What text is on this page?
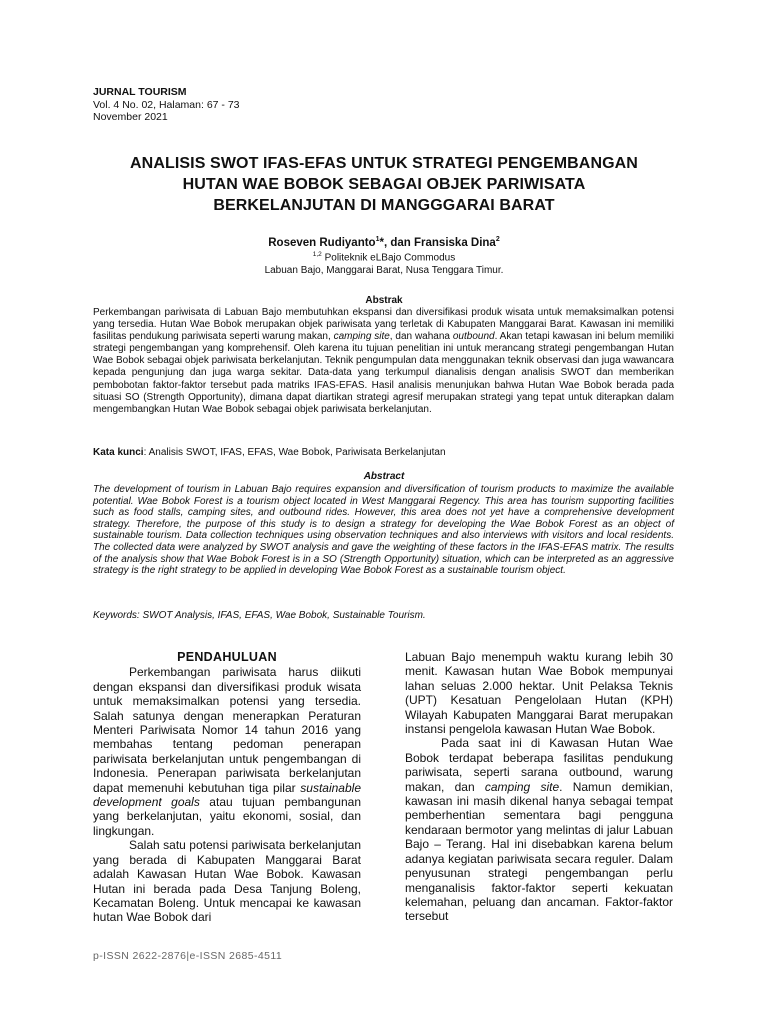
JURNAL TOURISM
Vol. 4 No. 02, Halaman: 67 - 73
November 2021
ANALISIS SWOT IFAS-EFAS UNTUK STRATEGI PENGEMBANGAN
HUTAN WAE BOBOK SEBAGAI OBJEK PARIWISATA
BERKELANJUTAN DI MANGGGARAI BARAT
Roseven Rudiyanto$^1$*, dan Fransiska Dina$^2$
$^{1,2}$ Politeknik eLBajo Commodus
Labuan Bajo, Manggarai Barat, Nusa Tenggara Timur.
Abstrak
Perkembangan pariwisata di Labuan Bajo membutuhkan ekspansi dan diversifikasi produk wisata untuk memaksimalkan potensi yang tersedia. Hutan Wae Bobok merupakan objek pariwisata yang terletak di Kabupaten Manggarai Barat. Kawasan ini memiliki fasilitas pendukung pariwisata seperti warung makan, camping site, dan wahana outbound. Akan tetapi kawasan ini belum memiliki strategi pengembangan yang komprehensif. Oleh karena itu tujuan penelitian ini untuk merancang strategi pengembangan Hutan Wae Bobok sebagai objek pariwisata berkelanjutan. Teknik pengumpulan data menggunakan teknik observasi dan juga wawancara kepada pengunjung dan juga warga sekitar. Data-data yang terkumpul dianalisis dengan analisis SWOT dan memberikan pembobotan faktor-faktor tersebut pada matriks IFAS-EFAS. Hasil analisis menunjukan bahwa Hutan Wae Bobok berada pada situasi SO (Strength Opportunity), dimana dapat diartikan strategi agresif merupakan strategi yang tepat untuk diterapkan dalam mengembangkan Hutan Wae Bobok sebagai objek pariwisata berkelanjutan.
Kata kunci: Analisis SWOT, IFAS, EFAS, Wae Bobok, Pariwisata Berkelanjutan
Abstract
The development of tourism in Labuan Bajo requires expansion and diversification of tourism products to maximize the available potential. Wae Bobok Forest is a tourism object located in West Manggarai Regency. This area has tourism supporting facilities such as food stalls, camping sites, and outbound rides. However, this area does not yet have a comprehensive development strategy. Therefore, the purpose of this study is to design a strategy for developing the Wae Bobok Forest as an object of sustainable tourism. Data collection techniques using observation techniques and also interviews with visitors and local residents. The collected data were analyzed by SWOT analysis and gave the weighting of these factors in the IFAS-EFAS matrix. The results of the analysis show that Wae Bobok Forest is in a SO (Strength Opportunity) situation, which can be interpreted as an aggressive strategy is the right strategy to be applied in developing Wae Bobok Forest as a sustainable tourism object.
Keywords: SWOT Analysis, IFAS, EFAS, Wae Bobok, Sustainable Tourism.
PENDAHULUAN

Perkembangan pariwisata harus diikuti dengan ekspansi dan diversifikasi produk wisata untuk memaksimalkan potensi yang tersedia. Salah satunya dengan menerapkan Peraturan Menteri Pariwisata Nomor 14 tahun 2016 yang membahas tentang pedoman penerapan pariwisata berkelanjutan untuk pengembangan di Indonesia. Penerapan pariwisata berkelanjutan dapat memenuhi kebutuhan tiga pilar sustainable development goals atau tujuan pembangunan yang berkelanjutan, yaitu ekonomi, sosial, dan lingkungan.

Salah satu potensi pariwisata berkelanjutan yang berada di Kabupaten Manggarai Barat adalah Kawasan Hutan Wae Bobok. Kawasan Hutan ini berada pada Desa Tanjung Boleng, Kecamatan Boleng. Untuk mencapai ke kawasan hutan Wae Bobok dari

Labuan Bajo menempuh waktu kurang lebih 30 menit. Kawasan hutan Wae Bobok mempunyai lahan seluas 2.000 hektar. Unit Pelaksa Teknis (UPT) Kesatuan Pengelolaan Hutan (KPH) Wilayah Kabupaten Manggarai Barat merupakan instansi pengelola kawasan Hutan Wae Bobok.

Pada saat ini di Kawasan Hutan Wae Bobok terdapat beberapa fasilitas pendukung pariwisata, seperti sarana outbound, warung makan, dan camping site. Namun demikian, kawasan ini masih dikenal hanya sebagai tempat pemberhentian sementara bagi pengguna kendaraan bermotor yang melintas di jalur Labuan Bajo – Terang. Hal ini disebabkan karena belum adanya kegiatan pariwisata secara reguler. Dalam penyusunan strategi pengembangan perlu menganalisis faktor-faktor seperti kekuatan kelemahan, peluang dan ancaman. Faktor-faktor tersebut

p-ISSN 2622-2876|e-ISSN 2685-4511
